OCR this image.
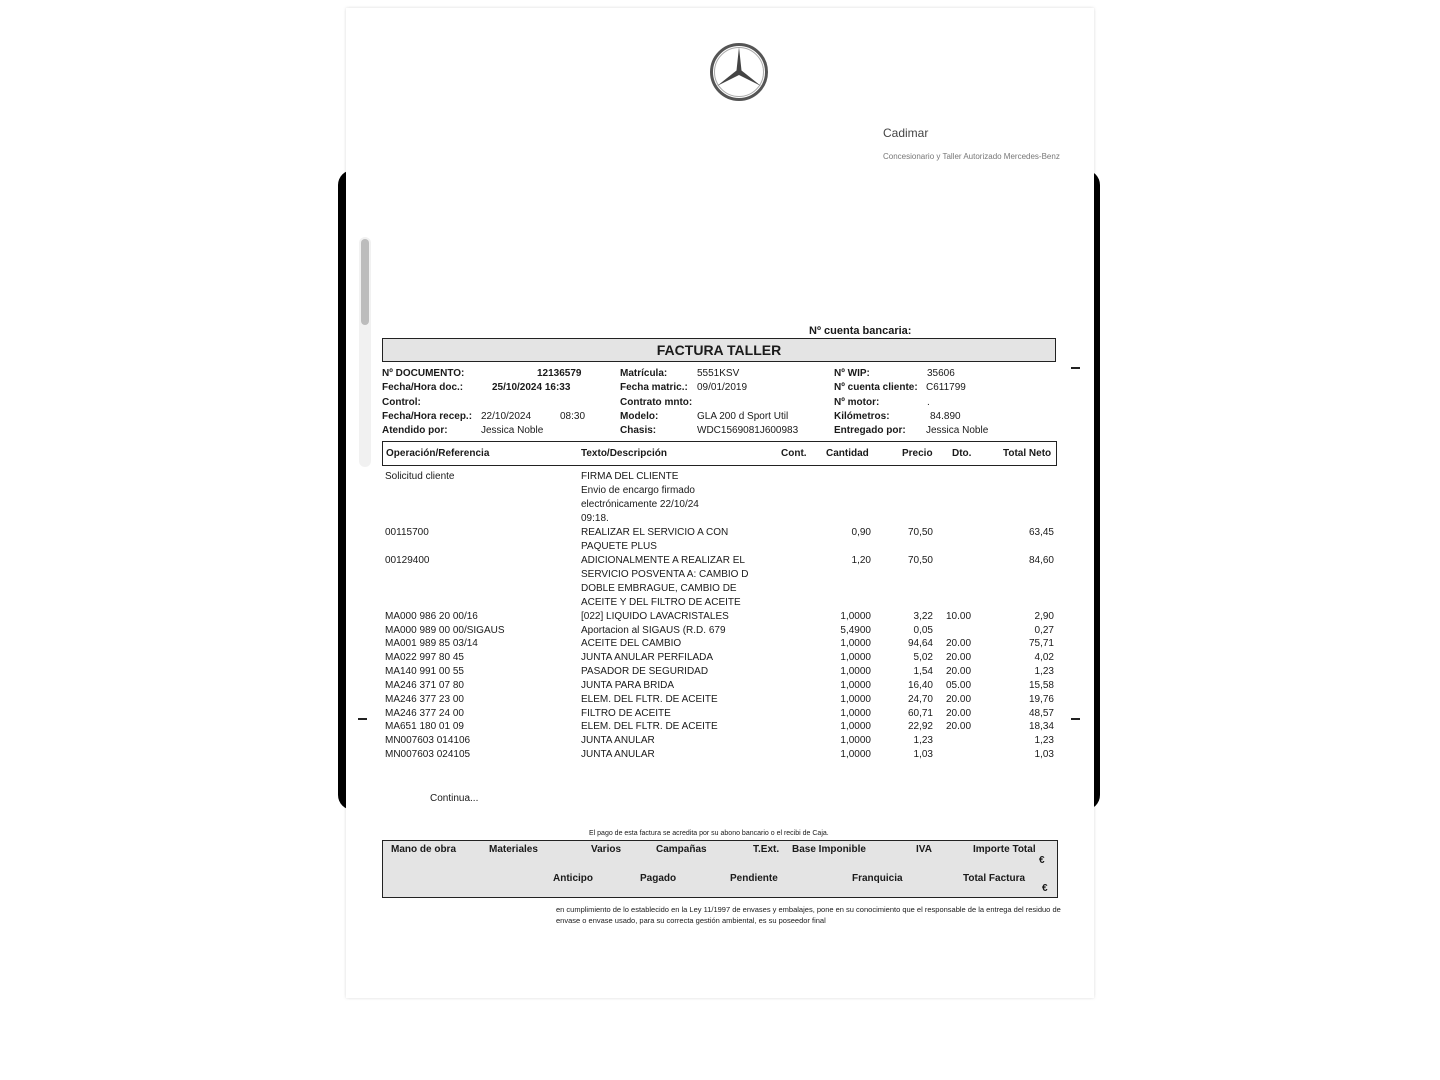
Cadimar
Concesionario y Taller Autorizado Mercedes-Benz
Nº cuenta bancaria:
FACTURA TALLER
Nº DOCUMENTO:	12136579
Fecha/Hora doc.:	25/10/2024 16:33
Control:
Fecha/Hora recep.: 22/10/2024	08:30
Atendido por:	Jessica Noble
Matrícula:	5551KSV
Fecha matric.: 09/01/2019
Contrato mnto:
Modelo:	GLA 200 d Sport Util
Chasis:	WDC1569081J600983
Nº WIP:	35606
Nº cuenta cliente: C611799
Nº motor:	.
Kilómetros:	84.890
Entregado por: Jessica Noble
Operación/Referencia	Texto/Descripción	Cont. Cantidad	Precio Dto.	Total Neto
Solicitud cliente	FIRMA DEL CLIENTE
Envio de encargo firmado
electrónicamente 22/10/24
09:18.
00115700	REALIZAR EL SERVICIO A CON
PAQUETE PLUS
0,90	70,50	63,45
00129400	ADICIONALMENTE A REALIZAR EL
SERVICIO POSVENTA A: CAMBIO D
DOBLE EMBRAGUE, CAMBIO DE
ACEITE Y DEL FILTRO DE ACEITE
1,20	70,50	84,60
MA000 986 20 00/16	[022] LIQUIDO LAVACRISTALES	1,0000	3,22 10.00	2,90
MA000 989 00 00/SIGAUS	Aportacion al SIGAUS (R.D. 679	5,4900	0,05	0,27
MA001 989 85 03/14	ACEITE DEL CAMBIO	1,0000	94,64 20.00	75,71
MA022 997 80 45	JUNTA ANULAR PERFILADA	1,0000	5,02 20.00	4,02
MA140 991 00 55	PASADOR DE SEGURIDAD	1,0000	1,54 20.00	1,23
MA246 371 07 80	JUNTA PARA BRIDA	1,0000	16,40 05.00	15,58
MA246 377 23 00	ELEM. DEL FLTR. DE ACEITE	1,0000	24,70 20.00	19,76
MA246 377 24 00	FILTRO DE ACEITE	1,0000	60,71 20.00	48,57
MA651 180 01 09	ELEM. DEL FLTR. DE ACEITE	1,0000	22,92 20.00	18,34
MN007603 014106	JUNTA ANULAR	1,0000	1,23	1,23
MN007603 024105	JUNTA ANULAR	1,0000	1,03	1,03
Continua...
El pago de esta factura se acredita por su abono bancario o el recibi de Caja.
Mano de obra	Materiales	Varios	Campañas	T.Ext. Base Imponible	IVA	Importe Total
€
Anticipo	Pagado	Pendiente	Franquicia	Total Factura
€
en cumplimiento de lo establecido en la Ley 11/1997 de envases y embalajes, pone en su conocimiento que el responsable de la entrega del residuo de envase o envase usado, para su correcta gestión ambiental, es su poseedor final
